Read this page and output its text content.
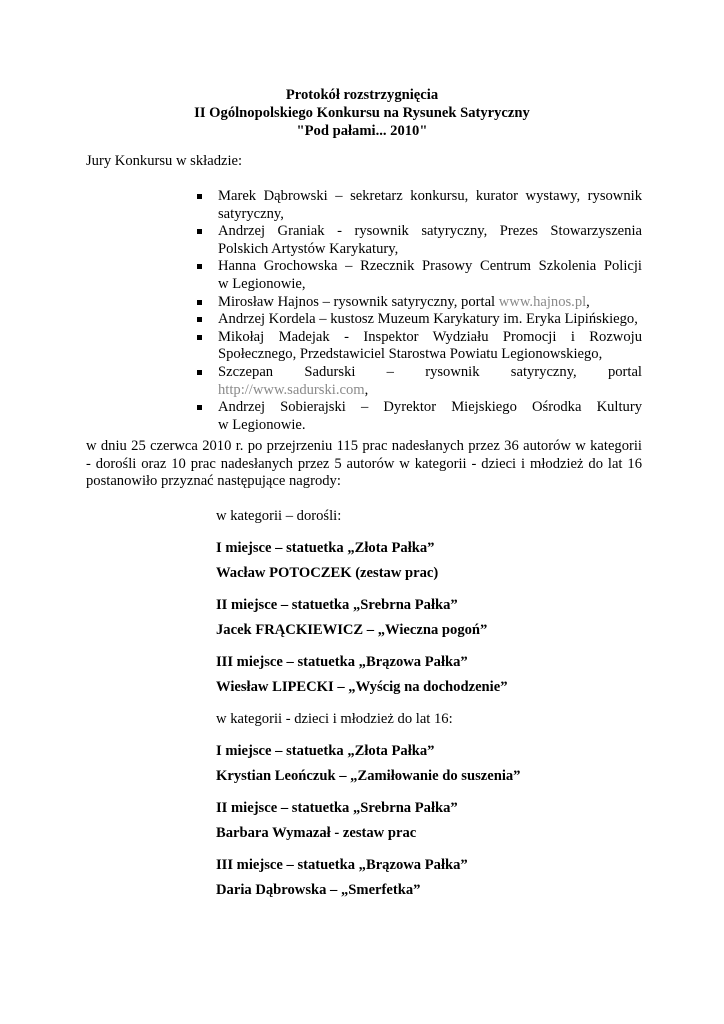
Protokół rozstrzygnięcia
II Ogólnopolskiego Konkursu na Rysunek Satyryczny
"Pod pałami... 2010"
Jury Konkursu w składzie:
Marek Dąbrowski – sekretarz konkursu, kurator wystawy, rysownik
satyryczny,
Andrzej Graniak - rysownik satyryczny, Prezes Stowarzyszenia
Polskich Artystów Karykatury,
Hanna Grochowska – Rzecznik Prasowy Centrum Szkolenia Policji
w Legionowie,
Mirosław Hajnos – rysownik satyryczny, portal www.hajnos.pl,
Andrzej Kordela – kustosz Muzeum Karykatury im. Eryka Lipińskiego,
Mikołaj Madejak - Inspektor Wydziału Promocji i Rozwoju
Społecznego, Przedstawiciel Starostwa Powiatu Legionowskiego,
Szczepan Sadurski – rysownik satyryczny, portal
http://www.sadurski.com,
Andrzej Sobierajski – Dyrektor Miejskiego Ośrodka Kultury
w Legionowie.
w dniu 25 czerwca 2010 r. po przejrzeniu 115 prac nadesłanych przez 36 autorów w kategorii
- dorośli oraz 10 prac nadesłanych przez 5 autorów w kategorii - dzieci i młodzież do lat 16
postanowiło przyznać następujące nagrody:
w kategorii – dorośli:
I miejsce – statuetka „Złota Pałka”
Wacław POTOCZEK (zestaw prac)
II miejsce – statuetka „Srebrna Pałka”
Jacek FRĄCKIEWICZ – „Wieczna pogoń”
III miejsce – statuetka „Brązowa Pałka”
Wiesław LIPECKI – „Wyścig na dochodzenie”
w kategorii - dzieci i młodzież do lat 16:
I miejsce – statuetka „Złota Pałka”
Krystian Leończuk – „Zamiłowanie do suszenia”
II miejsce – statuetka „Srebrna Pałka”
Barbara Wymazał - zestaw prac
III miejsce – statuetka „Brązowa Pałka”
Daria Dąbrowska – „Smerfetka”
